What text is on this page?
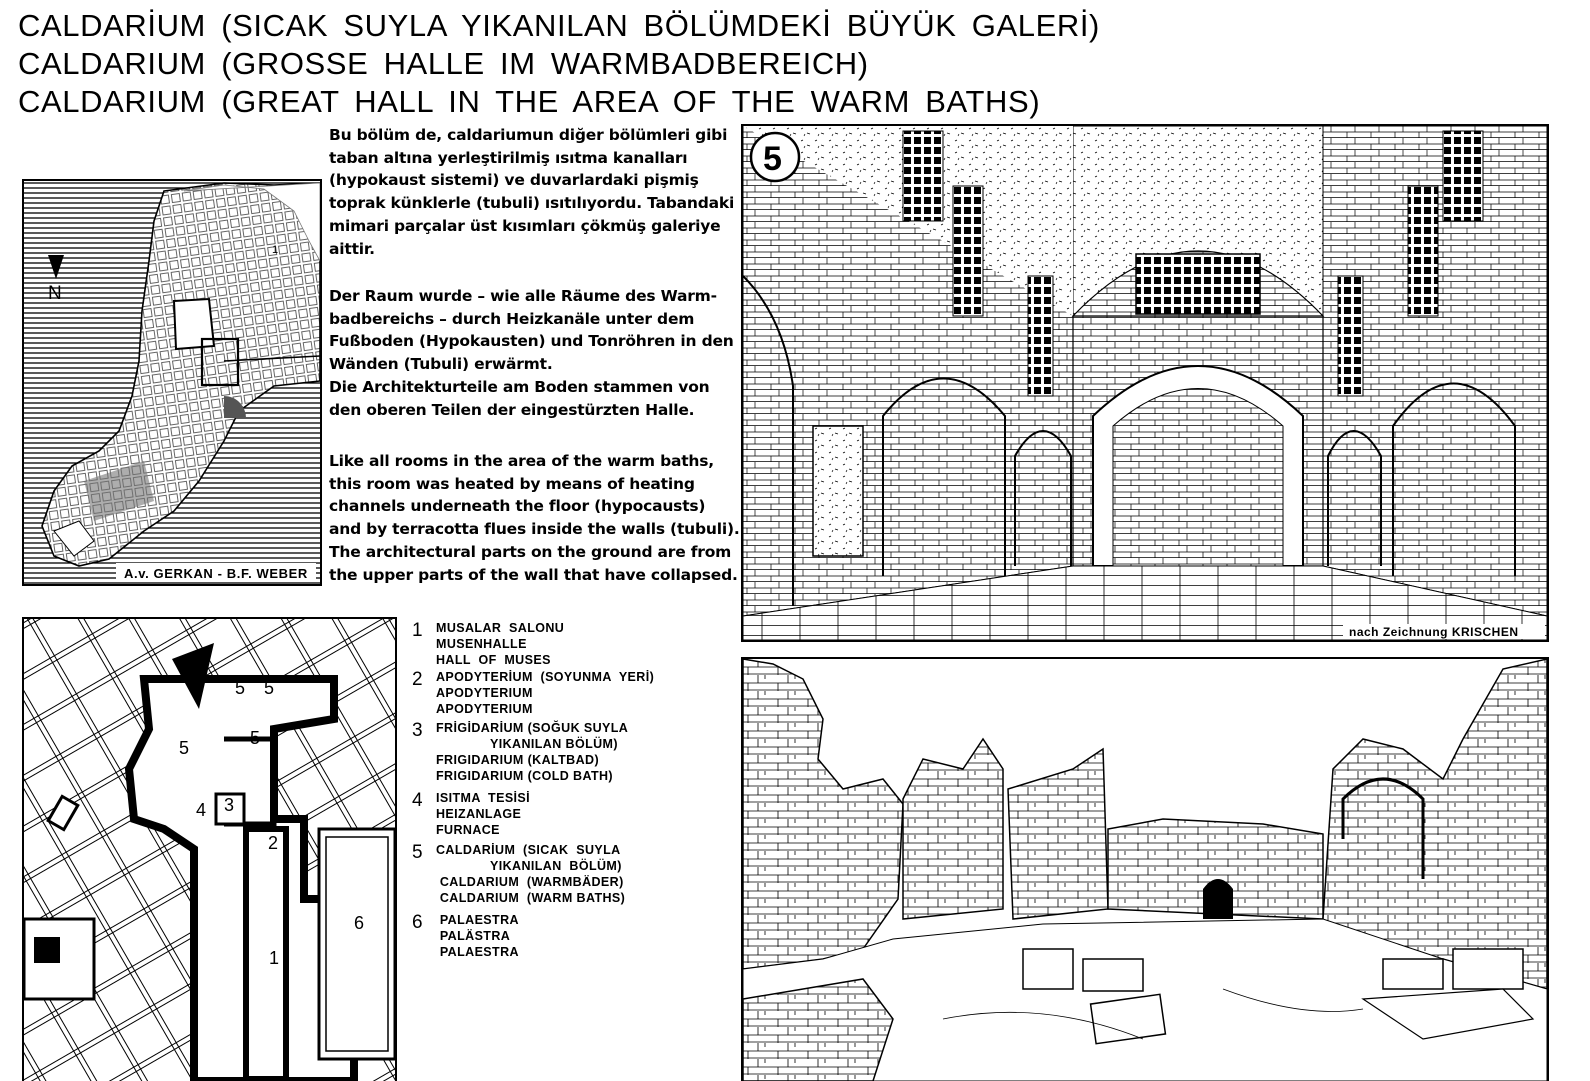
CALDARİUM (SICAK SUYLA YIKANILAN BÖLÜMDEKİ BÜYÜK GALERİ)
CALDARIUM (GROSSE HALLE IM WARMBADBEREICH)
CALDARIUM (GREAT HALL IN THE AREA OF THE WARM BATHS)
Bu bölüm de, caldariumun diğer bölümleri gibi
taban altına yerleştirilmiş ısıtma kanalları
(hypokaust sistemi) ve duvarlardaki pişmiş
toprak künklerle (tubuli) ısıtılıyordu. Tabandaki
mimari parçalar üst kısımları çökmüş galeriye
aittir.
Der Raum wurde – wie alle Räume des Warm-
badbereichs – durch Heizkanäle unter dem
Fußboden (Hypokausten) und Tonröhren in den
Wänden (Tubuli) erwärmt.
Die Architekturteile am Boden stammen von
den oberen Teilen der eingestürzten Halle.
Like all rooms in the area of the warm baths,
this room was heated by means of heating
channels underneath the floor (hypocausts)
and by terracotta flues inside the walls (tubuli).
The architectural parts on the ground are from
the upper parts of the wall that have collapsed.
1
N
A.v. GERKAN - B.F. WEBER
5
nach Zeichnung KRISCHEN
5 5
5	5
4 3
2
6
1
1 MUSALAR  SALONU
MUSENHALLE
HALL  OF  MUSES
2 APODYTERİUM  (SOYUNMA  YERİ)
APODYTERIUM
APODYTERIUM
3 FRİGİDARİUM (SOĞUK SUYLA
YIKANILAN BÖLÜM)
FRIGIDARIUM (KALTBAD)
FRIGIDARIUM (COLD BATH)
4 ISITMA  TESİSİ
HEIZANLAGE
FURNACE
5 CALDARİUM  (SICAK  SUYLA
YIKANILAN  BÖLÜM)
CALDARIUM  (WARMBÄDER)
CALDARIUM  (WARM BATHS)
6	PALAESTRA
PALÄSTRA
PALAESTRA
